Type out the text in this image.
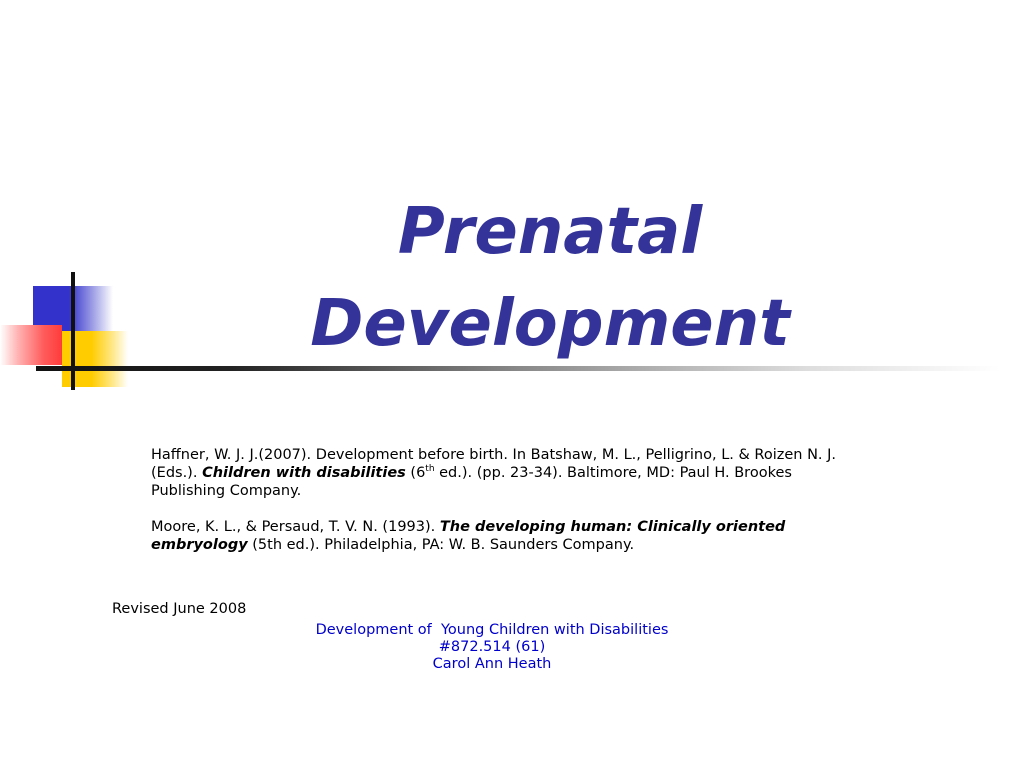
Prenatal
Development

Haffner, W. J. J.(2007). Development before birth. In Batshaw, M. L., Pelligrino, L. & Roizen N. J. (Eds.). Children with disabilities (6th ed.). (pp. 23-34). Baltimore, MD: Paul H. Brookes Publishing Company.

Moore, K. L., & Persaud, T. V. N. (1993). The developing human: Clinically oriented embryology (5th ed.). Philadelphia, PA: W. B. Saunders Company.

Revised June 2008
Development of  Young Children with Disabilities
#872.514 (61)
Carol Ann Heath
